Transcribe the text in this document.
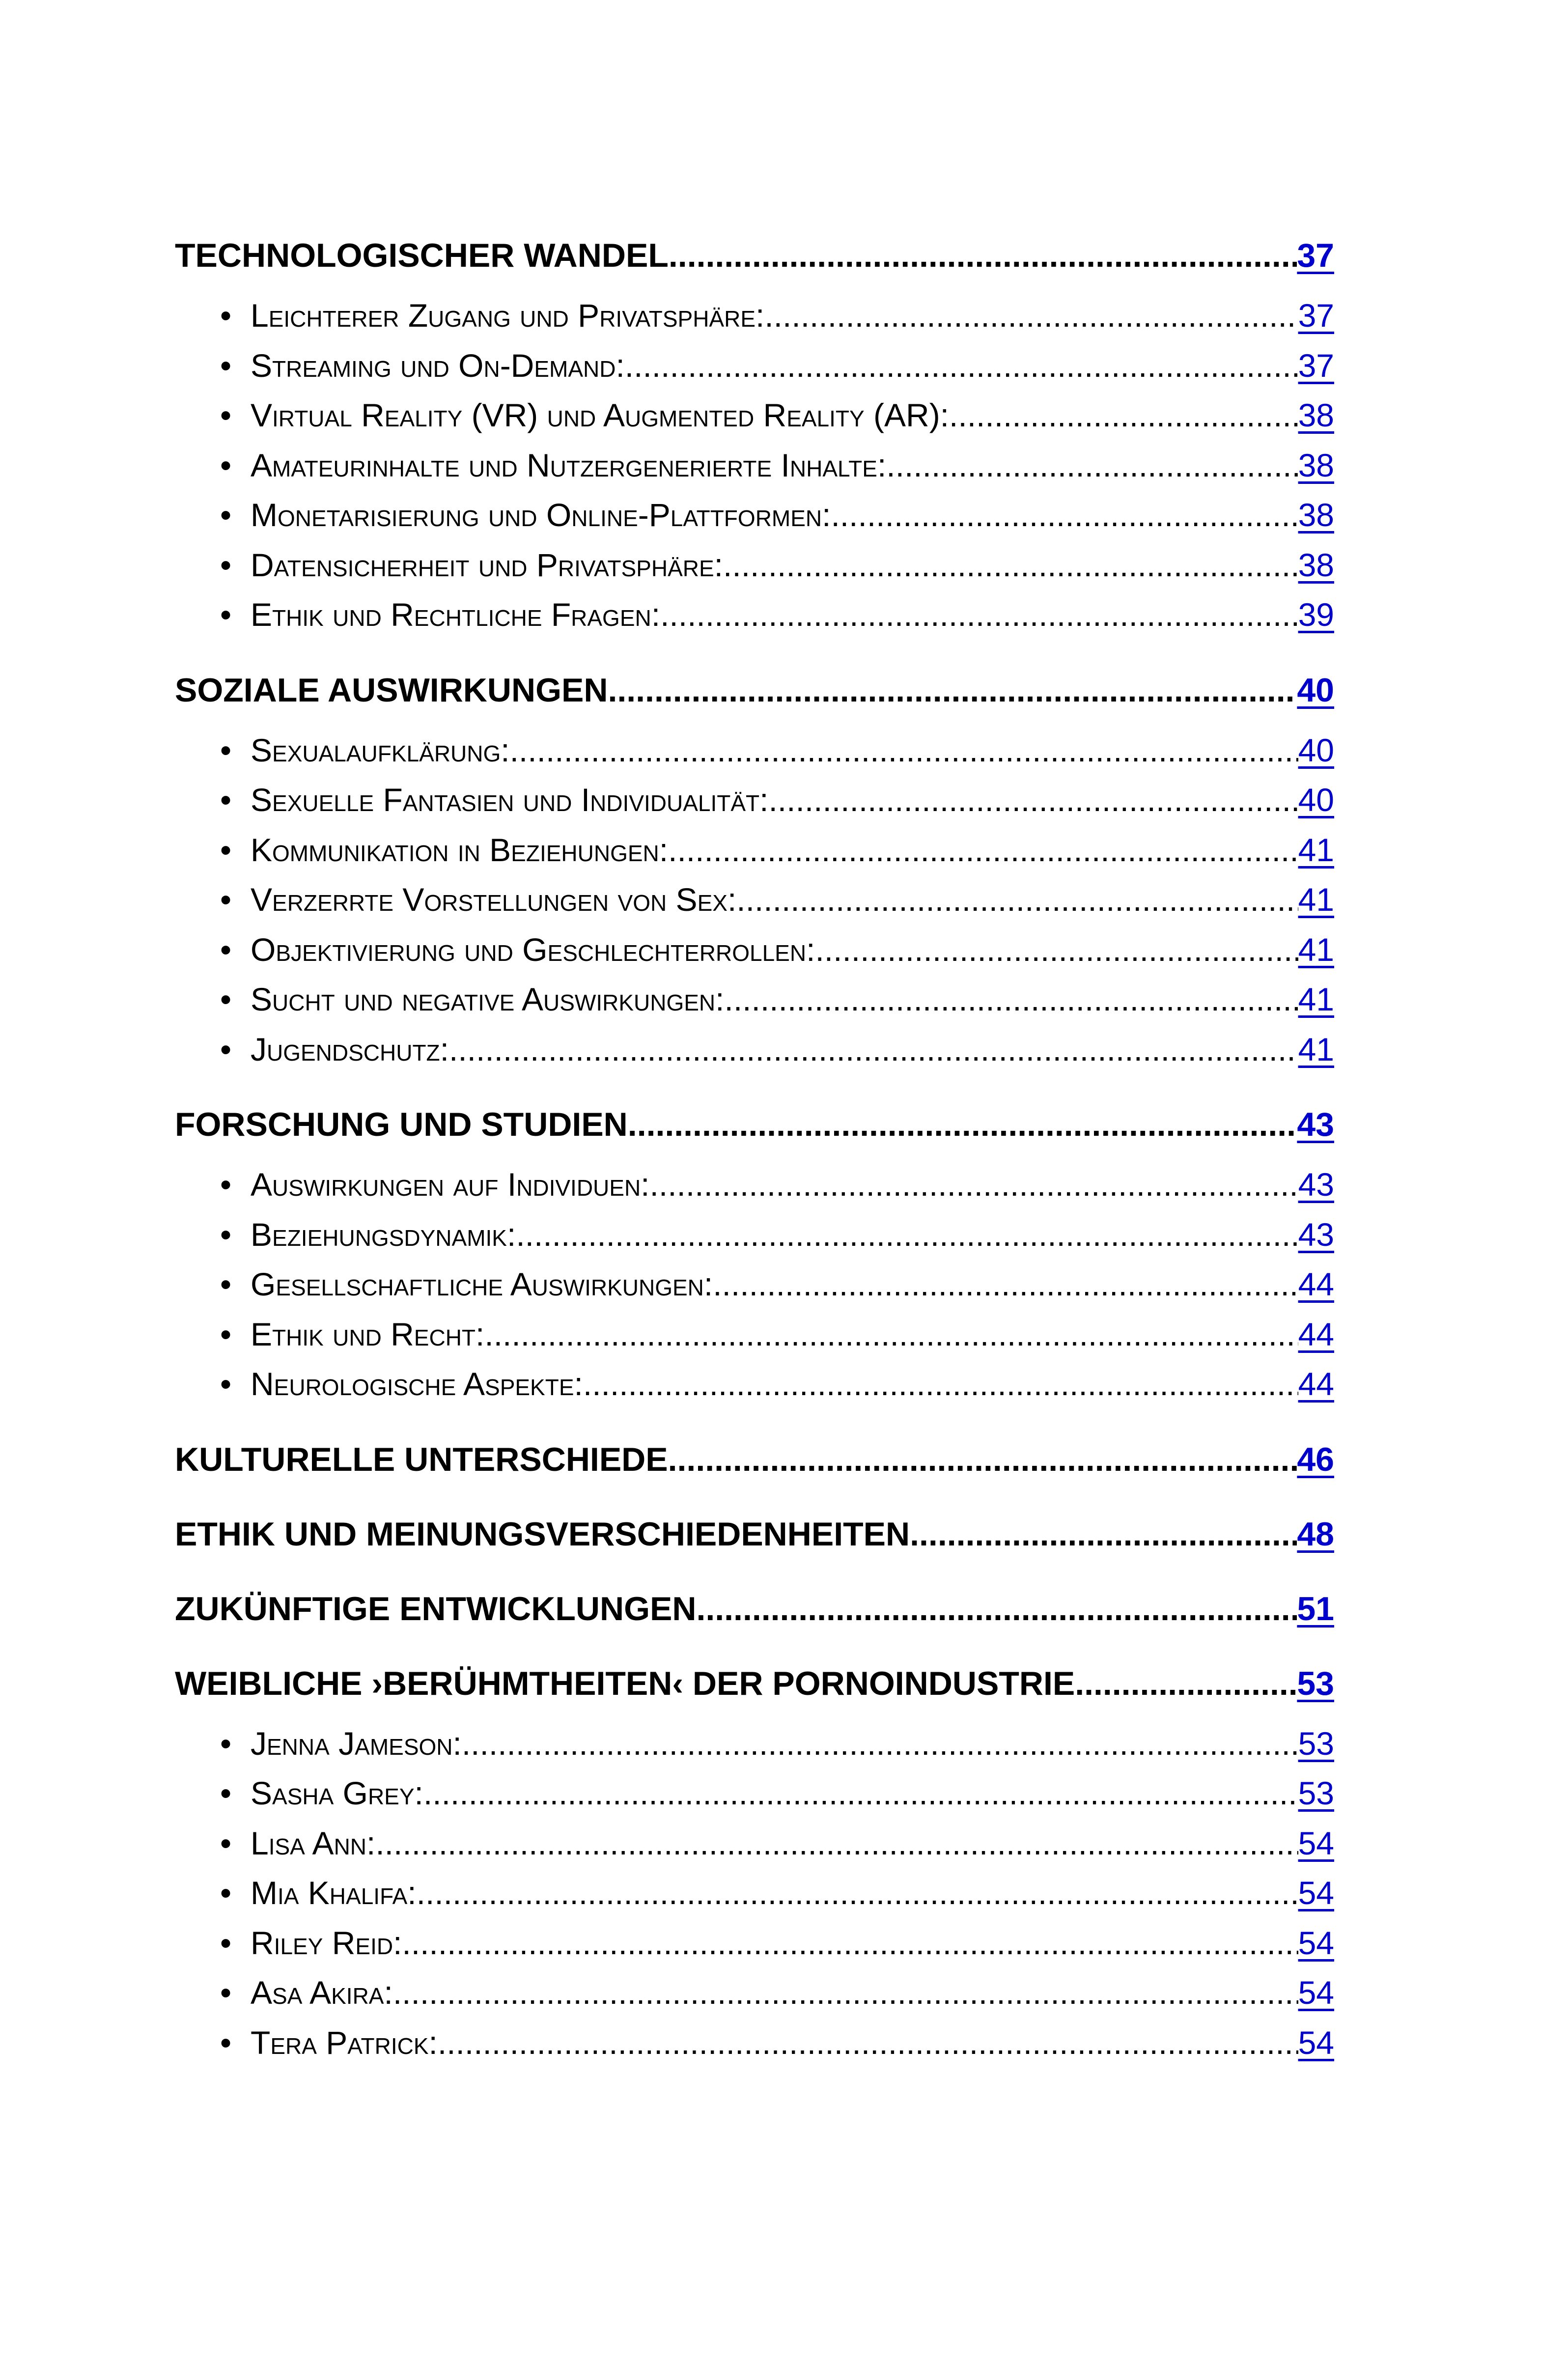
TECHNOLOGISCHER WANDEL .....	37
• Leichterer Zugang und Privatsphäre: .....	37
• Streaming und On-Demand: .....	37
• Virtual Reality (VR) und Augmented Reality (AR): .....	38
• Amateurinhalte und Nutzergenerierte Inhalte: .....	38
• Monetarisierung und Online-Plattformen: .....	38
• Datensicherheit und Privatsphäre: .....	38
• Ethik und Rechtliche Fragen: .....	39
SOZIALE AUSWIRKUNGEN .....	40
• Sexualaufklärung: .....	40
• Sexuelle Fantasien und Individualität: .....	40
• Kommunikation in Beziehungen: .....	41
• Verzerrte Vorstellungen von Sex: .....	41
• Objektivierung und Geschlechterrollen: .....	41
• Sucht und negative Auswirkungen: .....	41
• Jugendschutz: .....	41
FORSCHUNG UND STUDIEN .....	43
• Auswirkungen auf Individuen: .....	43
• Beziehungsdynamik: .....	43
• Gesellschaftliche Auswirkungen: .....	44
• Ethik und Recht: .....	44
• Neurologische Aspekte: .....	44
KULTURELLE UNTERSCHIEDE .....	46
ETHIK UND MEINUNGSVERSCHIEDENHEITEN .....	48
ZUKÜNFTIGE ENTWICKLUNGEN .....	51
WEIBLICHE ›BERÜHMTHEITEN‹ DER PORNOINDUSTRIE .....	53
• Jenna Jameson: .....	53
• Sasha Grey: .....	53
• Lisa Ann: .....	54
• Mia Khalifa: .....	54
• Riley Reid: .....	54
• Asa Akira: .....	54
• Tera Patrick: .....	54
